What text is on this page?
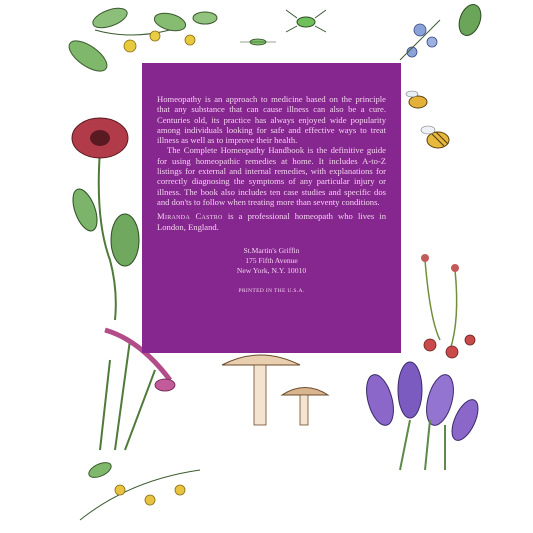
Homeopathy is an approach to medicine based on the principle that any substance that can cause illness can also be a cure. Centuries old, its practice has always enjoyed wide popularity among individuals looking for safe and effective ways to treat illness as well as to improve their health.

The Complete Homeopathy Handbook is the definitive guide for using homeopathic remedies at home. It includes A-to-Z listings for external and internal remedies, with explanations for correctly diagnosing the symptoms of any particular injury or illness. The book also includes ten case studies and specific dos and don'ts to follow when treating more than seventy conditions.

Miranda Castro is a professional homeopath who lives in London, England.

St.Martin's Griffin
175 Fifth Avenue
New York, N.Y. 10010
PRINTED IN THE U.S.A.
